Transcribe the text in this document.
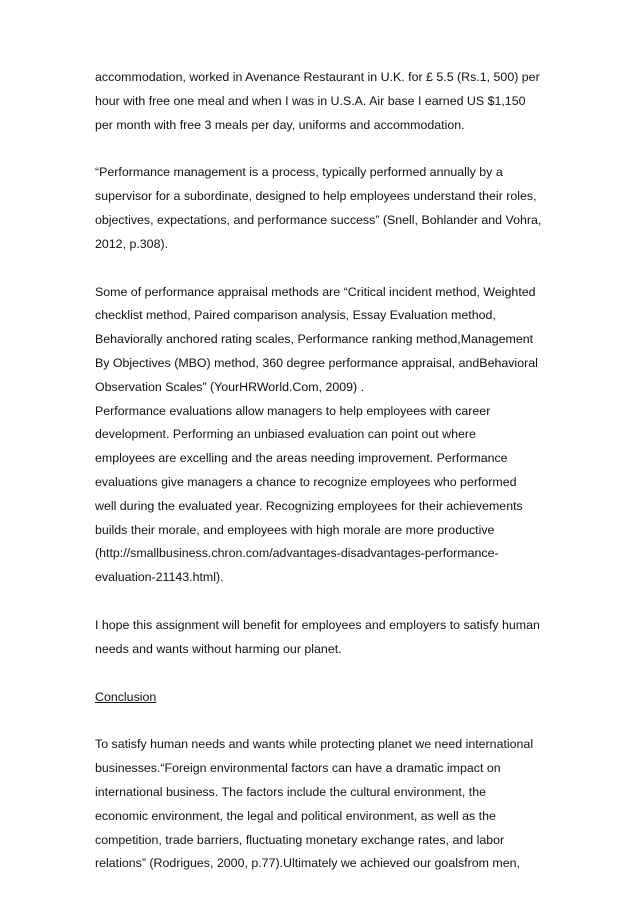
accommodation, worked in Avenance Restaurant in U.K. for £ 5.5 (Rs.1, 500) per
hour with free one meal and when I was in U.S.A. Air base I earned US $1,150
per month with free 3 meals per day, uniforms and accommodation.

“Performance management is a process, typically performed annually by a
supervisor for a subordinate, designed to help employees understand their roles,
objectives, expectations, and performance success” (Snell, Bohlander and Vohra,
2012, p.308).

Some of performance appraisal methods are “Critical incident method, Weighted
checklist method, Paired comparison analysis, Essay Evaluation method,
Behaviorally anchored rating scales, Performance ranking method,Management
By Objectives (MBO) method, 360 degree performance appraisal, andBehavioral
Observation Scales” (YourHRWorld.Com, 2009) .

Performance evaluations allow managers to help employees with career
development. Performing an unbiased evaluation can point out where
employees are excelling and the areas needing improvement. Performance
evaluations give managers a chance to recognize employees who performed
well during the evaluated year. Recognizing employees for their achievements
builds their morale, and employees with high morale are more productive
(http://smallbusiness.chron.com/advantages-disadvantages-performance-
evaluation-21143.html).

I hope this assignment will benefit for employees and employers to satisfy human
needs and wants without harming our planet.

Conclusion

To satisfy human needs and wants while protecting planet we need international
businesses.“Foreign environmental factors can have a dramatic impact on
international business. The factors include the cultural environment, the
economic environment, the legal and political environment, as well as the
competition, trade barriers, fluctuating monetary exchange rates, and labor
relations” (Rodrigues, 2000, p.77).Ultimately we achieved our goalsfrom men,
